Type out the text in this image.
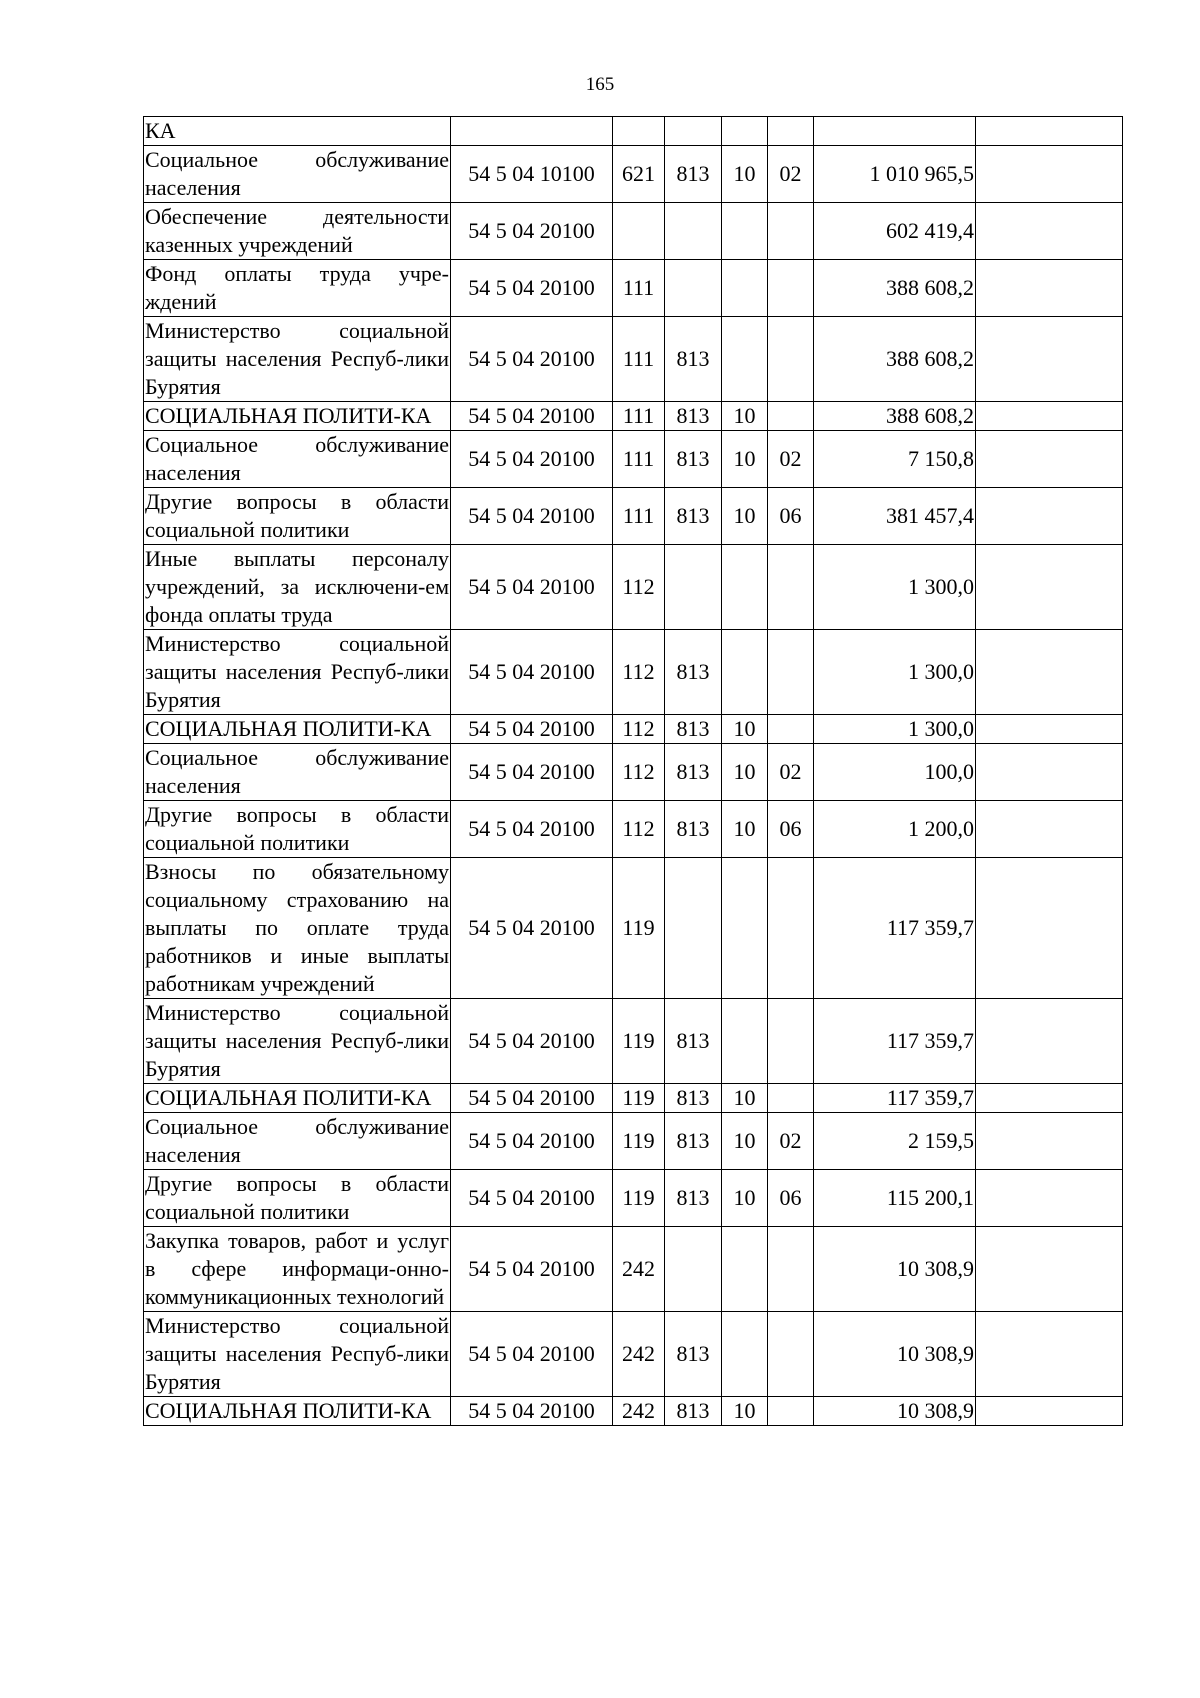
165
КА							
Социальное обслуживание населения	54 5 04 10100	621	813	10	02	1 010 965,5	
Обеспечение деятельности казенных учреждений	54 5 04 20100					602 419,4	
Фонд оплаты труда учре-ждений	54 5 04 20100	111				388 608,2	
Министерство социальной защиты населения Респуб-лики Бурятия	54 5 04 20100	111	813			388 608,2	
СОЦИАЛЬНАЯ ПОЛИТИ-КА	54 5 04 20100	111	813	10		388 608,2	
Социальное обслуживание населения	54 5 04 20100	111	813	10	02	7 150,8	
Другие вопросы в области социальной политики	54 5 04 20100	111	813	10	06	381 457,4	
Иные выплаты персоналу учреждений, за исключени-ем фонда оплаты труда	54 5 04 20100	112				1 300,0	
Министерство социальной защиты населения Респуб-лики Бурятия	54 5 04 20100	112	813			1 300,0	
СОЦИАЛЬНАЯ ПОЛИТИ-КА	54 5 04 20100	112	813	10		1 300,0	
Социальное обслуживание населения	54 5 04 20100	112	813	10	02	100,0	
Другие вопросы в области социальной политики	54 5 04 20100	112	813	10	06	1 200,0	
Взносы по обязательному социальному страхованию на выплаты по оплате труда работников и иные выплаты работникам учреждений	54 5 04 20100	119				117 359,7	
Министерство социальной защиты населения Респуб-лики Бурятия	54 5 04 20100	119	813			117 359,7	
СОЦИАЛЬНАЯ ПОЛИТИ-КА	54 5 04 20100	119	813	10		117 359,7	
Социальное обслуживание населения	54 5 04 20100	119	813	10	02	2 159,5	
Другие вопросы в области социальной политики	54 5 04 20100	119	813	10	06	115 200,1	
Закупка товаров, работ и услуг в сфере информаци-онно-коммуникационных технологий	54 5 04 20100	242				10 308,9	
Министерство социальной защиты населения Респуб-лики Бурятия	54 5 04 20100	242	813			10 308,9	
СОЦИАЛЬНАЯ ПОЛИТИ-КА	54 5 04 20100	242	813	10		10 308,9	
